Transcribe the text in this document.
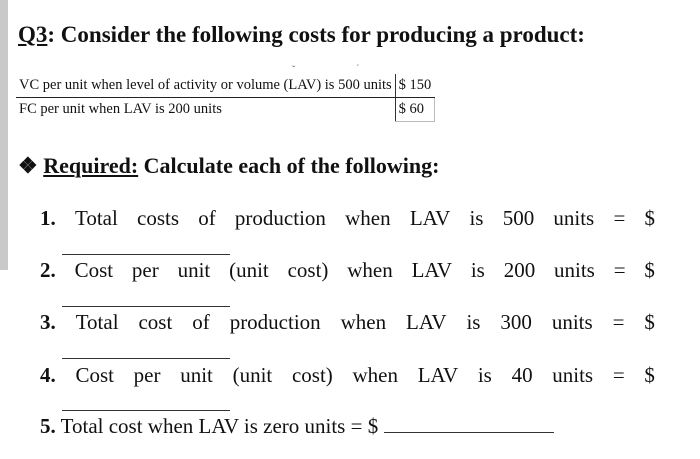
Q3: Consider the following costs for producing a product:
ˇ	ˊ
VC per unit when level of activity or volume (LAV) is 500 units	$ 150
FC per unit when LAV is 200 units	$ 60
❖ Required: Calculate each of the following:
1. Total costs of production when LAV is 500 units = $
2. Cost per unit (unit cost) when LAV is 200 units = $
3. Total cost of production when LAV is 300 units = $
4. Cost per unit (unit cost) when LAV is 40 units = $
5. Total cost when LAV is zero units = $
